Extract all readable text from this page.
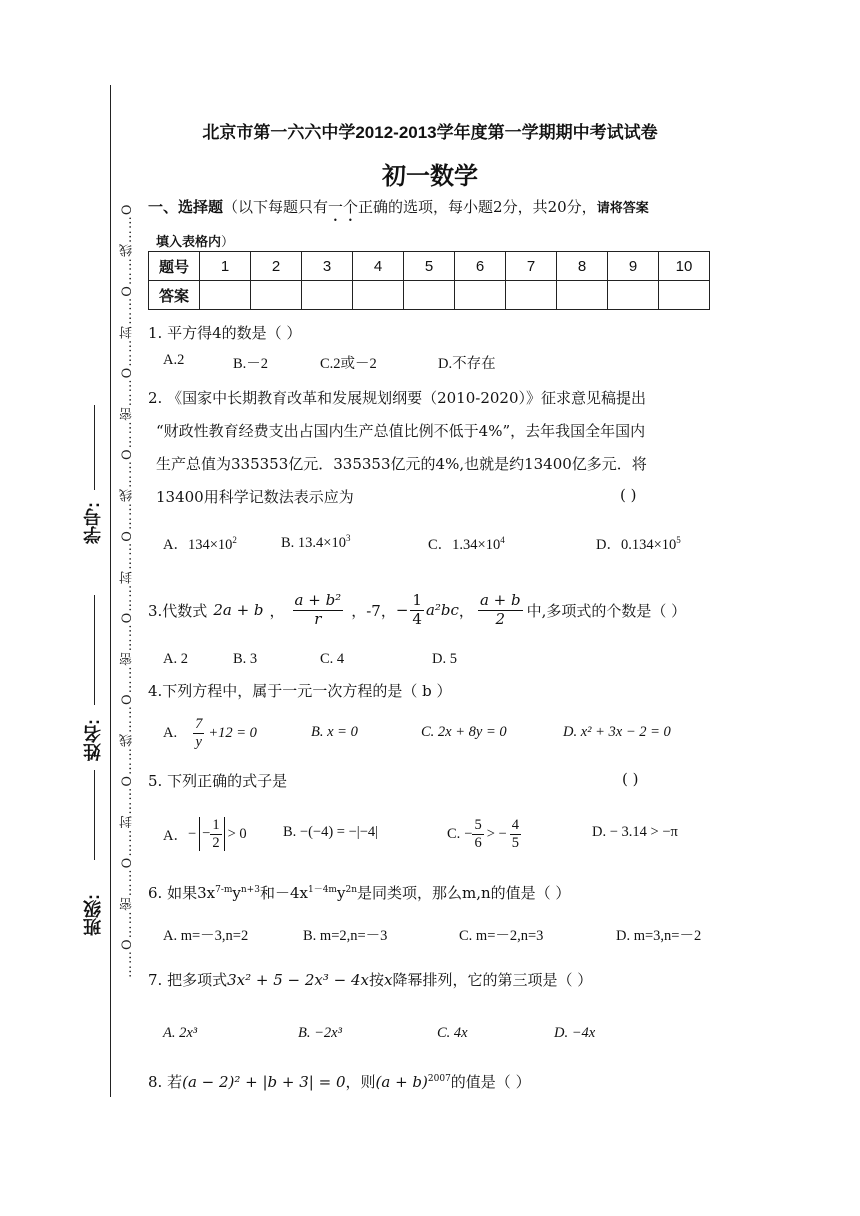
……O……密……O……封……O……线……O……密……O……封……O……线……O……密……O……封……O……线……O
班级:
姓名:
学号:
北京市第一六六中学2012-2013学年度第一学期期中考试试卷
初一数学
一、选择题（以下每题只有一个正确的选项，每小题2分，共20分，请将答案
填入表格内）
题号	1	2	3	4	5	6	7	8	9	10
答案										
1. 平方得4的数是（ ）
A.2	B.－2	C.2或－2	D.不存在
2. 《国家中长期教育改革和发展规划纲要（2010-2020）》征求意见稿提出
“财政性教育经费支出占国内生产总值比例不低于4%”，去年我国全年国内
生产总值为335353亿元．335353亿元的4%,也就是约13400亿多元．将
13400用科学记数法表示应为	( )
A．$134\times 10^2$	B. $13.4\times 10^3$	C．$1.34\times 10^4$	D．$0.134\times 10^5$
3.代数式 2a + b ， $\frac{\text{a + b²}}{r}$ ，-7， − $\frac{1}{4} a^2bc$ ， $\frac{a + b}{2}$ 中,多项式的个数是（ ）
A. 2	B. 3	C. 4	D. 5
4.下列方程中，属于一元一次方程的是（ b ）
A. $\frac{7}{y} +12 = 0$	B. x = 0	C. 2x + 8y = 0	D. x² + 3x − 2 = 0
5. 下列正确的式子是	( )
A． − − $\frac{1}{2} > 0$	B. −(−4) = −|−4|	C. − $\frac{5}{6}$ > − $\frac{4}{5}$	D. − 3.14 > −π
6. 如果$3x^{7-m}y^{n+3}$和$-4x^{1-4m}y^{2n}$是同类项，那么m,n的值是（ ）
A. m=－3,n=2	B. m=2,n=－3	C. m=－2,n=3	D. m=3,n=－2
7. 把多项式3x² + 5 − 2x³ − 4x按x降幂排列，它的第三项是（ ）
A. 2x³	B. −2x³	C. 4x	D. −4x
8. 若(a − 2)² + |b + 3| = 0，则$(a + b)^{2007}$的值是（ ）
